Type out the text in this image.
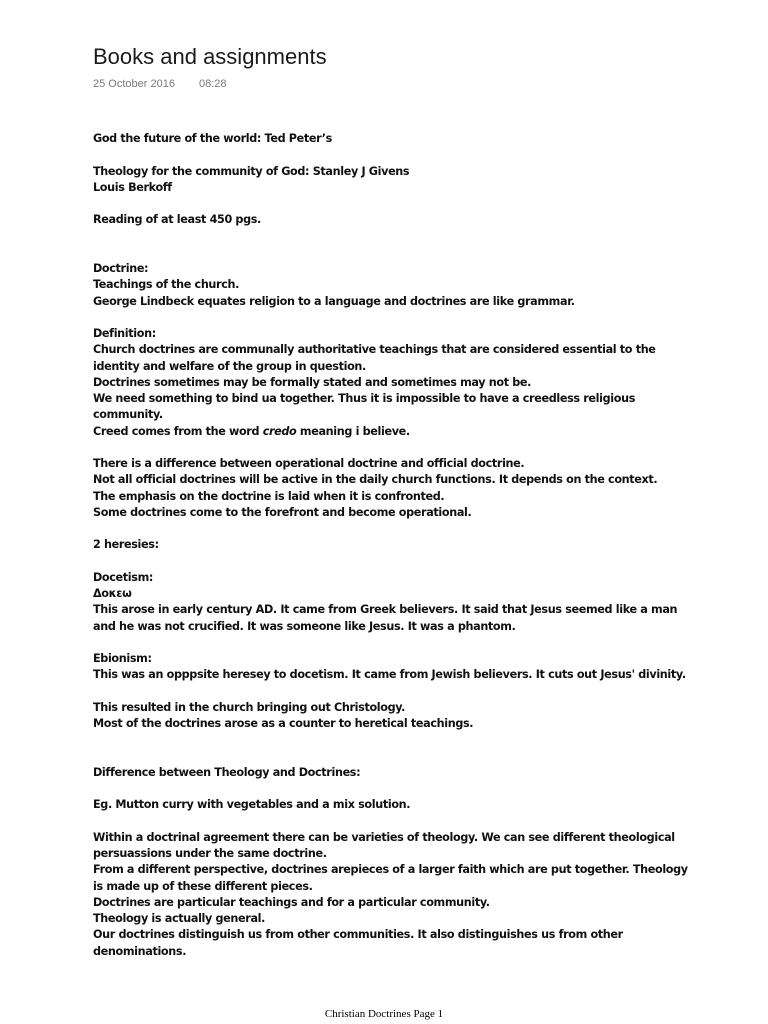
Books and assignments
25 October 2016 08:28
God the future of the world: Ted Peter’s
Theology for the community of God: Stanley J Givens
Louis Berkoff
Reading of at least 450 pgs.
Doctrine:
Teachings of the church.
George Lindbeck equates religion to a language and doctrines are like grammar.
Definition:
Church doctrines are communally authoritative teachings that are considered essential to the
identity and welfare of the group in question.
Doctrines sometimes may be formally stated and sometimes may not be.
We need something to bind ua together. Thus it is impossible to have a creedless religious
community.
Creed comes from the word credo meaning i believe.
There is a difference between operational doctrine and official doctrine.
Not all official doctrines will be active in the daily church functions. It depends on the context.
The emphasis on the doctrine is laid when it is confronted.
Some doctrines come to the forefront and become operational.
2 heresies:
Docetism:
Δοκεω
This arose in early century AD. It came from Greek believers. It said that Jesus seemed like a man
and he was not crucified. It was someone like Jesus. It was a phantom.
Ebionism:
This was an opppsite heresey to docetism. It came from Jewish believers. It cuts out Jesus' divinity.
This resulted in the church bringing out Christology.
Most of the doctrines arose as a counter to heretical teachings.
Difference between Theology and Doctrines:
Eg. Mutton curry with vegetables and a mix solution.
Within a doctrinal agreement there can be varieties of theology. We can see different theological
persuassions under the same doctrine.
From a different perspective, doctrines arepieces of a larger faith which are put together. Theology
is made up of these different pieces.
Doctrines are particular teachings and for a particular community.
Theology is actually general.
Our doctrines distinguish us from other communities. It also distinguishes us from other
denominations.
Christian Doctrines Page 1
